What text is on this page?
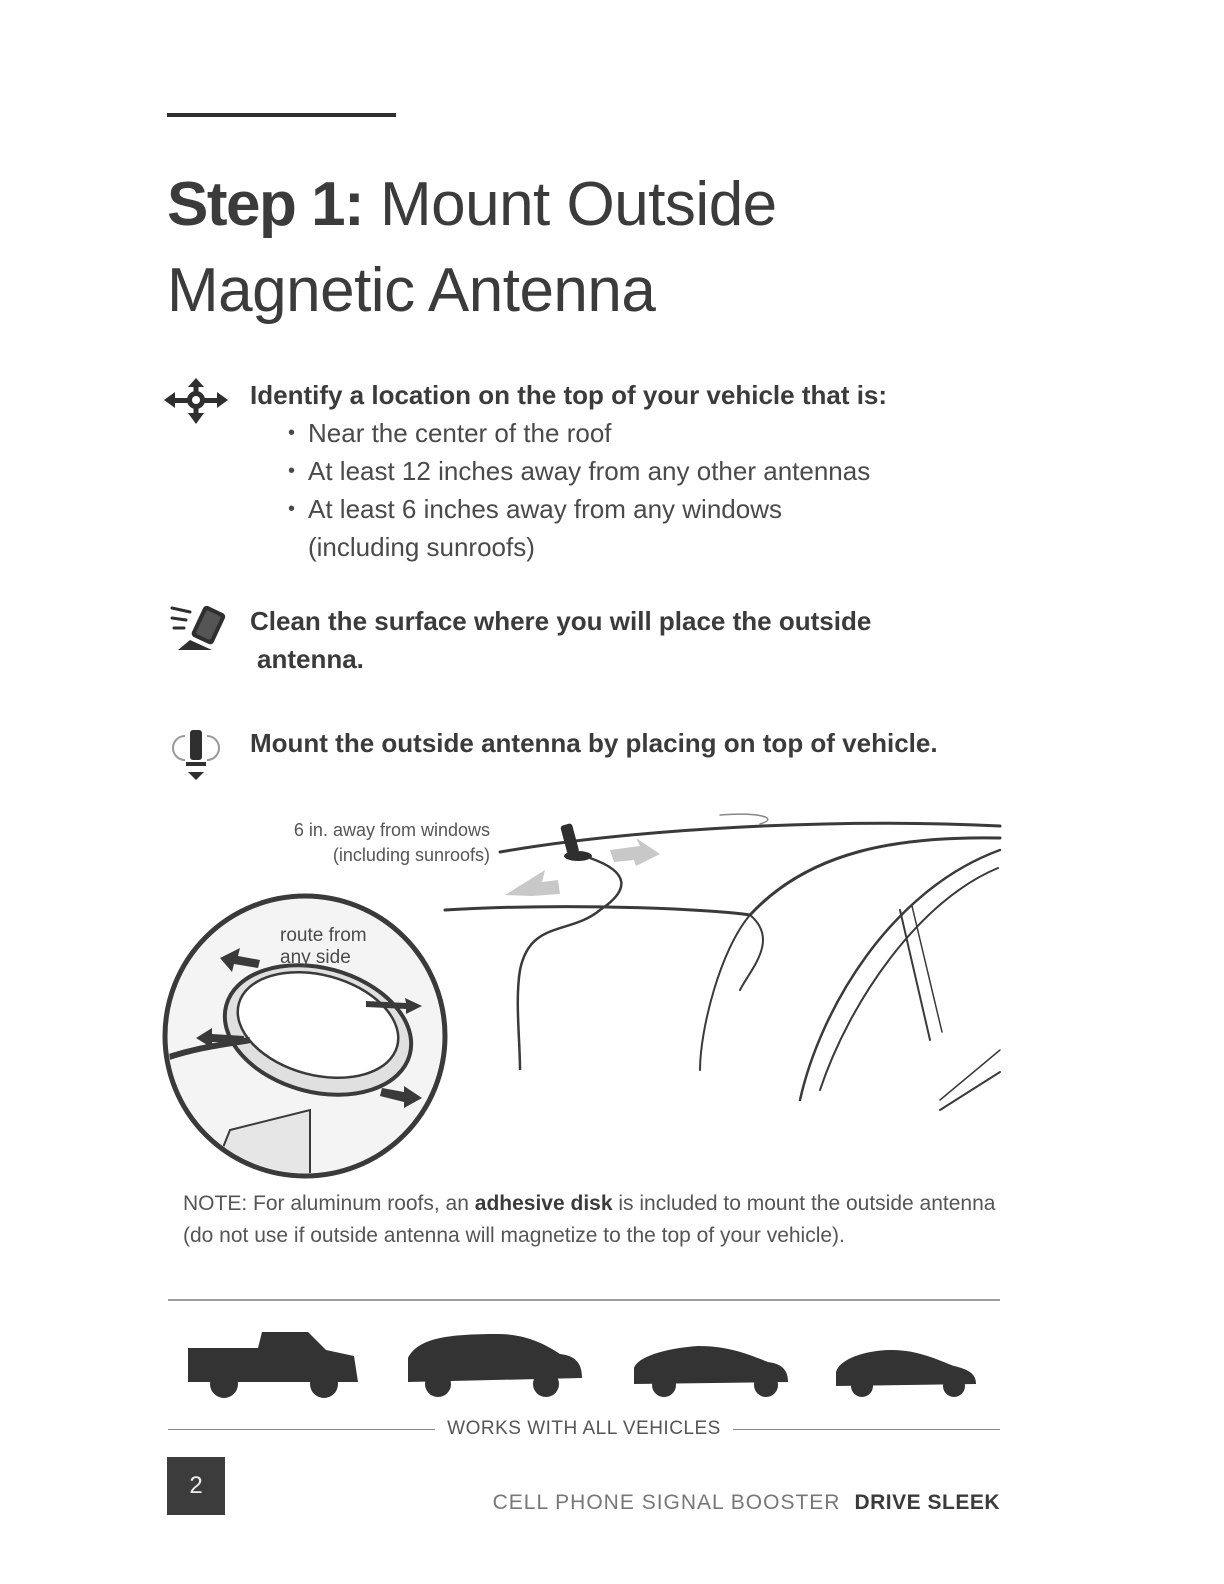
Step 1: Mount Outside
Magnetic Antenna
Identify a location on the top of your vehicle that is:
• Near the center of the roof
• At least 12 inches away from any other antennas
• At least 6 inches away from any windows
(including sunroofs)
Clean the surface where you will place the outside
antenna.
Mount the outside antenna by placing on top of vehicle.
6 in. away from windows
(including sunroofs)
route from
any side

NOTE: For aluminum roofs, an adhesive disk is included to mount the outside antenna (do not use if outside antenna will magnetize to the top of your vehicle).

WORKS WITH ALL VEHICLES
2
CELL PHONE SIGNAL BOOSTER DRIVE SLEEK
